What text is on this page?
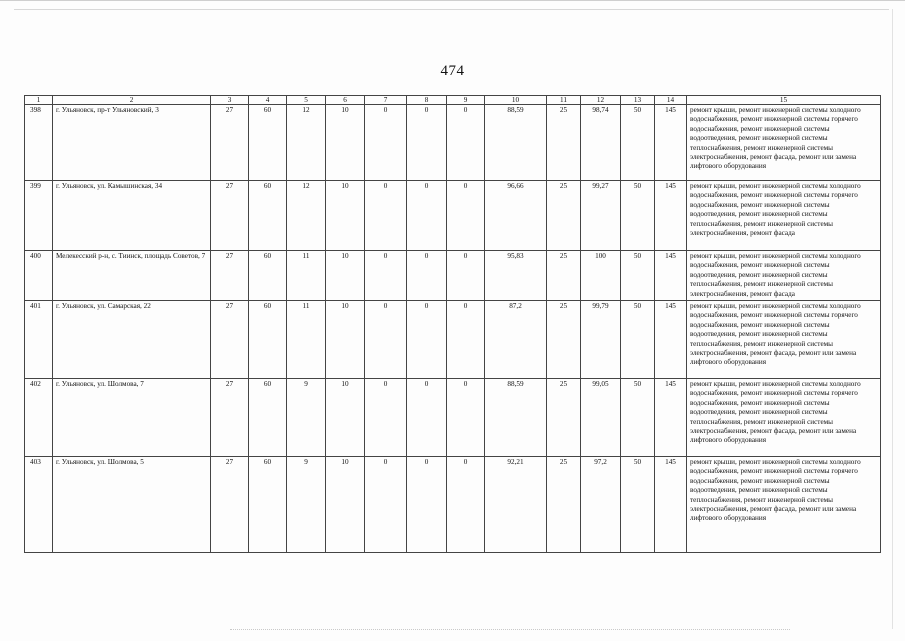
474
1	2	3	4	5	6	7	8	9	10	11	12	13	14	15
398	г. Ульяновск, пр-т Ульяновский, 3	27	60	12	10	0	0	0	88,59	25	98,74	50	145	ремонт крыши, ремонт инженерной системы холодного водоснабжения, ремонт инженерной системы горячего водоснабжения, ремонт инженерной системы водоотведения, ремонт инженерной системы теплоснабжения, ремонт инженерной системы электроснабжения, ремонт фасада, ремонт или замена лифтового оборудования
399	г. Ульяновск, ул. Камышинская, 34	27	60	12	10	0	0	0	96,66	25	99,27	50	145	ремонт крыши, ремонт инженерной системы холодного водоснабжения, ремонт инженерной системы горячего водоснабжения, ремонт инженерной системы водоотведения, ремонт инженерной системы теплоснабжения, ремонт инженерной системы электроснабжения, ремонт фасада
400	Мелекесский р-н, с. Тиинск, площадь Советов, 7	27	60	11	10	0	0	0	95,83	25	100	50	145	ремонт крыши, ремонт инженерной системы холодного водоснабжения, ремонт инженерной системы водоотведения, ремонт инженерной системы теплоснабжения, ремонт инженерной системы электроснабжения, ремонт фасада
401	г. Ульяновск, ул. Самарская, 22	27	60	11	10	0	0	0	87,2	25	99,79	50	145	ремонт крыши, ремонт инженерной системы холодного водоснабжения, ремонт инженерной системы горячего водоснабжения, ремонт инженерной системы водоотведения, ремонт инженерной системы теплоснабжения, ремонт инженерной системы электроснабжения, ремонт фасада, ремонт или замена лифтового оборудования
402	г. Ульяновск, ул. Шолмова, 7	27	60	9	10	0	0	0	88,59	25	99,05	50	145	ремонт крыши, ремонт инженерной системы холодного водоснабжения, ремонт инженерной системы горячего водоснабжения, ремонт инженерной системы водоотведения, ремонт инженерной системы теплоснабжения, ремонт инженерной системы электроснабжения, ремонт фасада, ремонт или замена лифтового оборудования
403	г. Ульяновск, ул. Шолмова, 5	27	60	9	10	0	0	0	92,21	25	97,2	50	145	ремонт крыши, ремонт инженерной системы холодного водоснабжения, ремонт инженерной системы горячего водоснабжения, ремонт инженерной системы водоотведения, ремонт инженерной системы теплоснабжения, ремонт инженерной системы электроснабжения, ремонт фасада, ремонт или замена лифтового оборудования
